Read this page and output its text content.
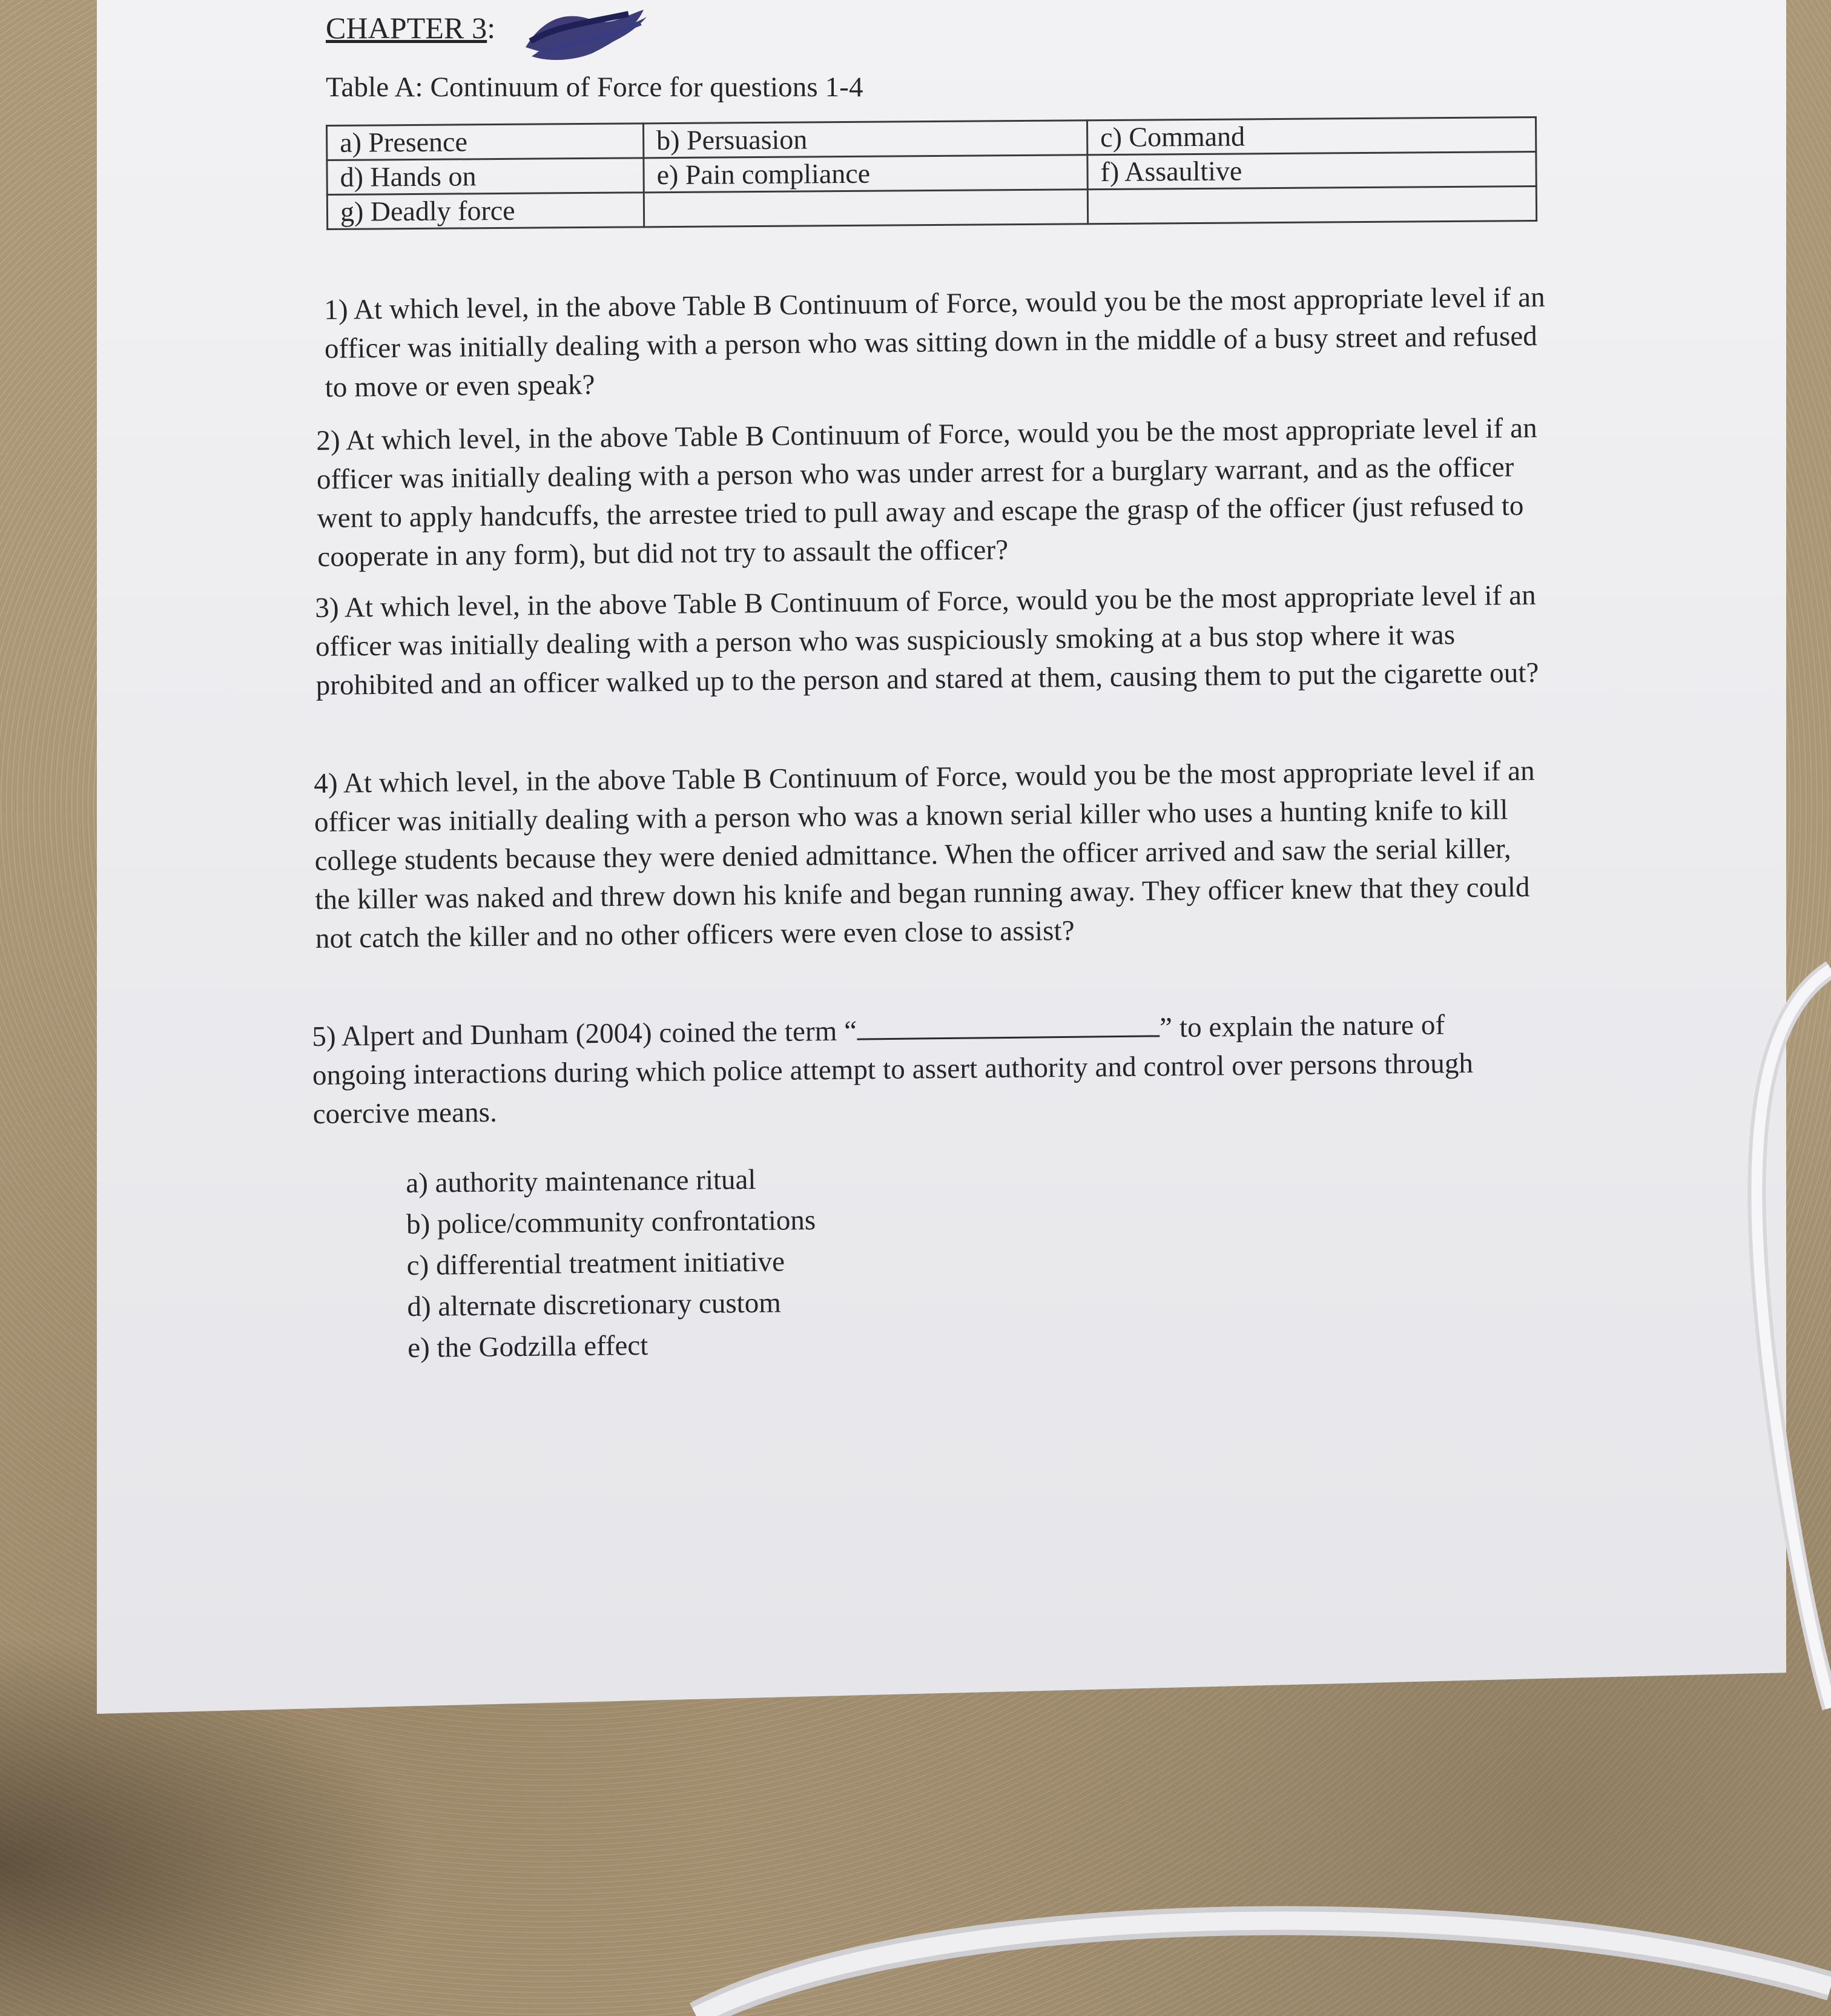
CHAPTER 3:
Table A: Continuum of Force for questions 1-4
a) Presence	b) Persuasion	c) Command
d) Hands on	e) Pain compliance	f) Assaultive
g) Deadly force		
1) At which level, in the above Table B Continuum of Force, would you be the most appropriate level if an officer was initially dealing with a person who was sitting down in the middle of a busy street and refused to move or even speak?
2) At which level, in the above Table B Continuum of Force, would you be the most appropriate level if an officer was initially dealing with a person who was under arrest for a burglary warrant, and as the officer went to apply handcuffs, the arrestee tried to pull away and escape the grasp of the officer (just refused to cooperate in any form), but did not try to assault the officer?
3) At which level, in the above Table B Continuum of Force, would you be the most appropriate level if an officer was initially dealing with a person who was suspiciously smoking at a bus stop where it was prohibited and an officer walked up to the person and stared at them, causing them to put the cigarette out?
4) At which level, in the above Table B Continuum of Force, would you be the most appropriate level if an officer was initially dealing with a person who was a known serial killer who uses a hunting knife to kill college students because they were denied admittance. When the officer arrived and saw the serial killer, the killer was naked and threw down his knife and began running away. They officer knew that they could not catch the killer and no other officers were even close to assist?
5) Alpert and Dunham (2004) coined the term “	” to explain the nature of ongoing interactions during which police attempt to assert authority and control over persons through coercive means.
a) authority maintenance ritual
b) police/community confrontations
c) differential treatment initiative
d) alternate discretionary custom
e) the Godzilla effect
